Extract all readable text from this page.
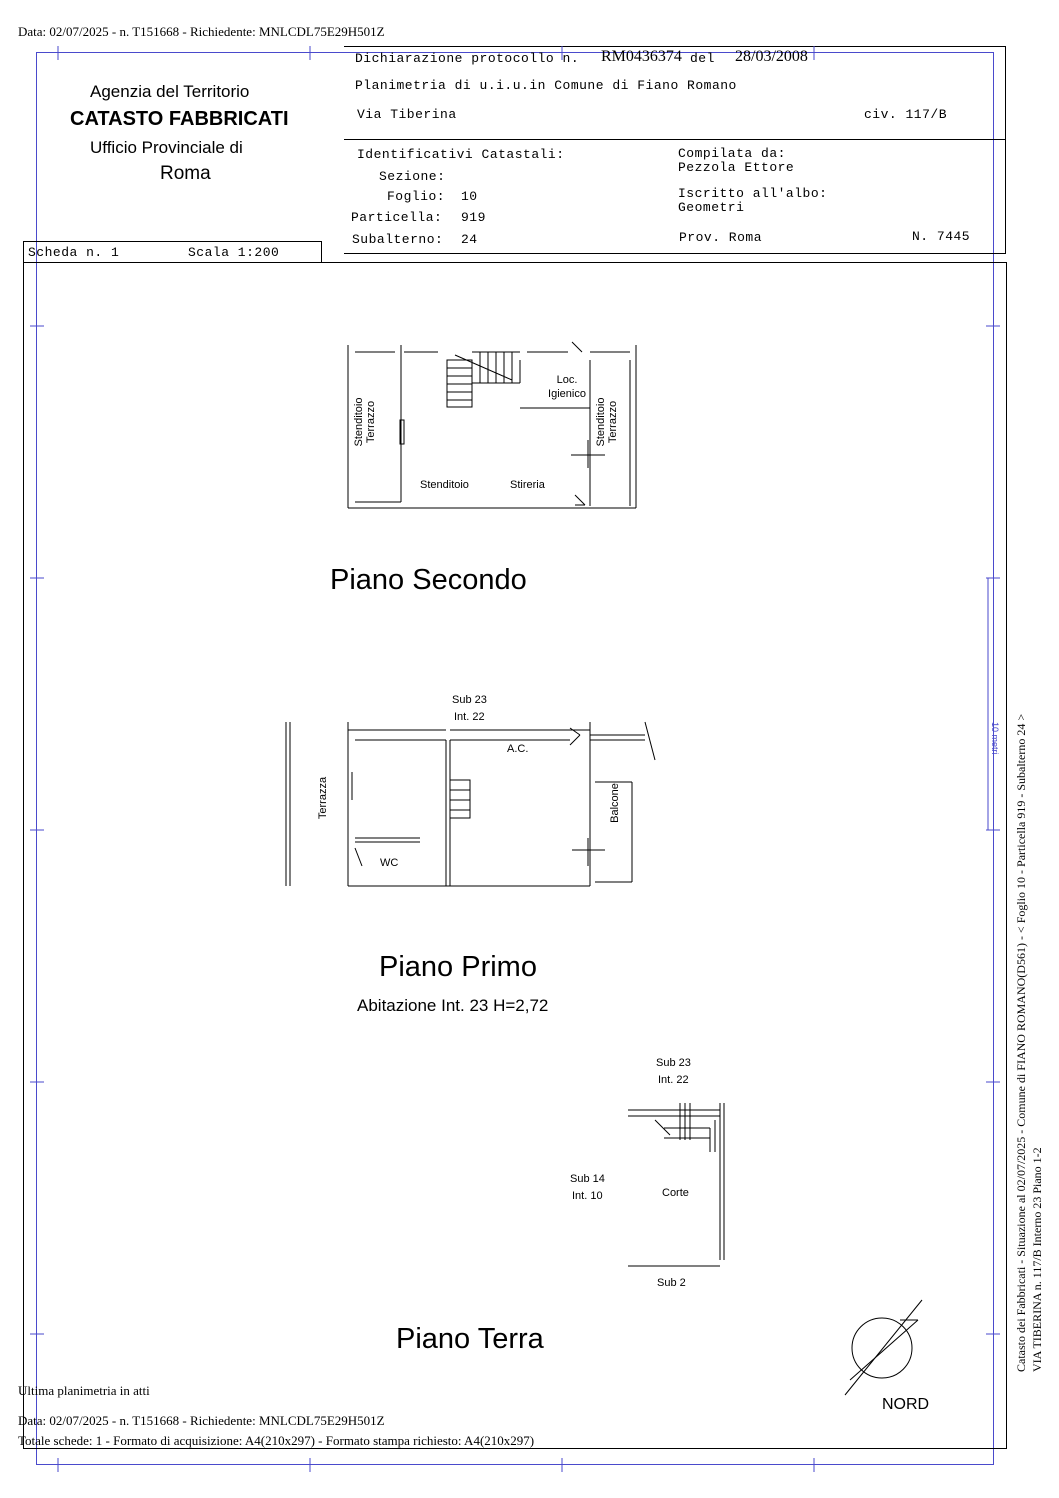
Data: 02/07/2025 - n. T151668 - Richiedente: MNLCDL75E29H501Z
Agenzia del Territorio
CATASTO FABBRICATI
Ufficio Provinciale di
Roma
Dichiarazione protocollo n. RM0436374 del 28/03/2008
Planimetria di u.i.u.in Comune di Fiano Romano
Via Tiberina	civ. 117/B
Identificativi Catastali:
Sezione:
Foglio: 10
Particella: 919
Subalterno: 24
Compilata da:
Pezzola Ettore
Iscritto all'albo:
Geometri
Prov. Roma	N. 7445
Scheda n. 1	Scala 1:200
Stenditoio Terrazzo
Loc. Igienico
Stenditoio Terrazzo
Stenditoio	Stireria
Piano Secondo
Sub 23
Int. 22
A.C.
Terrazza	Balcone
WC
Piano Primo
Abitazione Int. 23 H=2,72
Sub 23
Int. 22
Sub 14
Int. 10	Corte
Sub 2
Piano Terra
NORD
Catasto dei Fabbricati - Situazione al 02/07/2025 - Comune di FIANO ROMANO(D561) - < Foglio 10 - Particella 919 - Subalterno 24 > VIA TIBERINA n. 117/B Interno 23 Piano 1-2
10 metri
Ultima planimetria in atti
Data: 02/07/2025 - n. T151668 - Richiedente: MNLCDL75E29H501Z
Totale schede: 1 - Formato di acquisizione: A4(210x297) - Formato stampa richiesto: A4(210x297)
